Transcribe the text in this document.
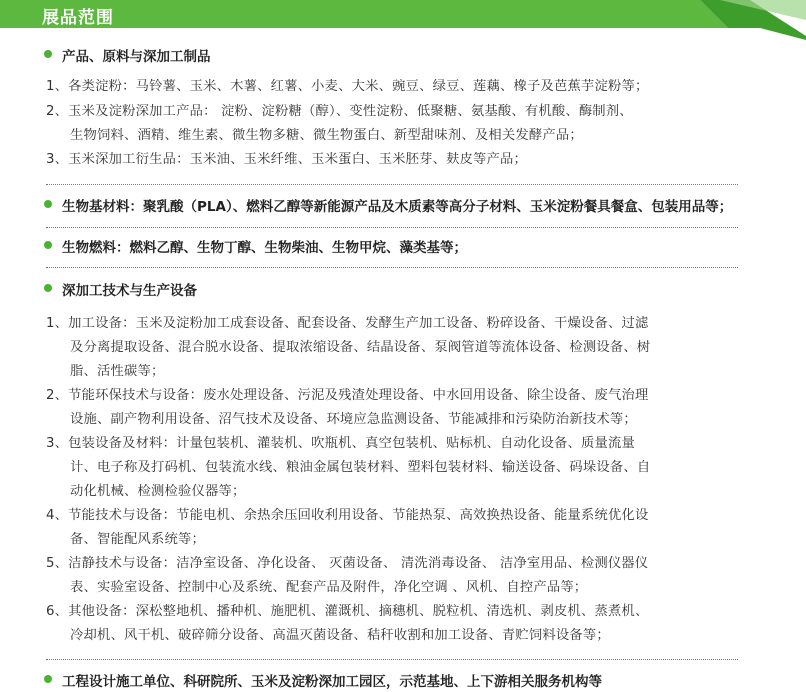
展品范围
产品、原料与深加工制品
1、各类淀粉：马铃薯、玉米、木薯、红薯、小麦、大米、豌豆、绿豆、莲藕、橡子及芭蕉芋淀粉等；
2、玉米及淀粉深加工产品： 淀粉、淀粉糖（醇）、变性淀粉、低聚糖、氨基酸、有机酸、酶制剂、
生物饲料、酒精、维生素、微生物多糖、微生物蛋白、新型甜味剂、及相关发酵产品；
3、玉米深加工衍生品：玉米油、玉米纤维、玉米蛋白、玉米胚芽、麸皮等产品；
生物基材料：聚乳酸（PLA）、燃料乙醇等新能源产品及木质素等高分子材料、玉米淀粉餐具餐盒、包装用品等；
生物燃料：燃料乙醇、生物丁醇、生物柴油、生物甲烷、藻类基等；
深加工技术与生产设备
1、加工设备：玉米及淀粉加工成套设备、配套设备、发酵生产加工设备、粉碎设备、干燥设备、过滤
及分离提取设备、混合脱水设备、提取浓缩设备、结晶设备、泵阀管道等流体设备、检测设备、树
脂、活性碳等；
2、节能环保技术与设备：废水处理设备、污泥及残渣处理设备、中水回用设备、除尘设备、废气治理
设施、副产物利用设备、沼气技术及设备、环境应急监测设备、节能减排和污染防治新技术等；
3、包装设备及材料：计量包装机、灌装机、吹瓶机、真空包装机、贴标机、自动化设备、质量流量
计、电子称及打码机、包装流水线、粮油金属包装材料、塑料包装材料、输送设备、码垛设备、自
动化机械、检测检验仪器等；
4、节能技术与设备：节能电机、余热余压回收利用设备、节能热泵、高效换热设备、能量系统优化设
备、智能配风系统等；
5、洁静技术与设备：洁净室设备、净化设备、 灭菌设备、 清洗消毒设备、 洁净室用品、检测仪器仪
表、实验室设备、控制中心及系统、配套产品及附件，净化空调 、风机、自控产品等；
6、其他设备：深松整地机、播种机、施肥机、灌溉机、摘穗机、脱粒机、清选机、剥皮机、蒸煮机、
冷却机、风干机、破碎筛分设备、高温灭菌设备、秸秆收割和加工设备、青贮饲料设备等；
工程设计施工单位、科研院所、玉米及淀粉深加工园区，示范基地、上下游相关服务机构等
